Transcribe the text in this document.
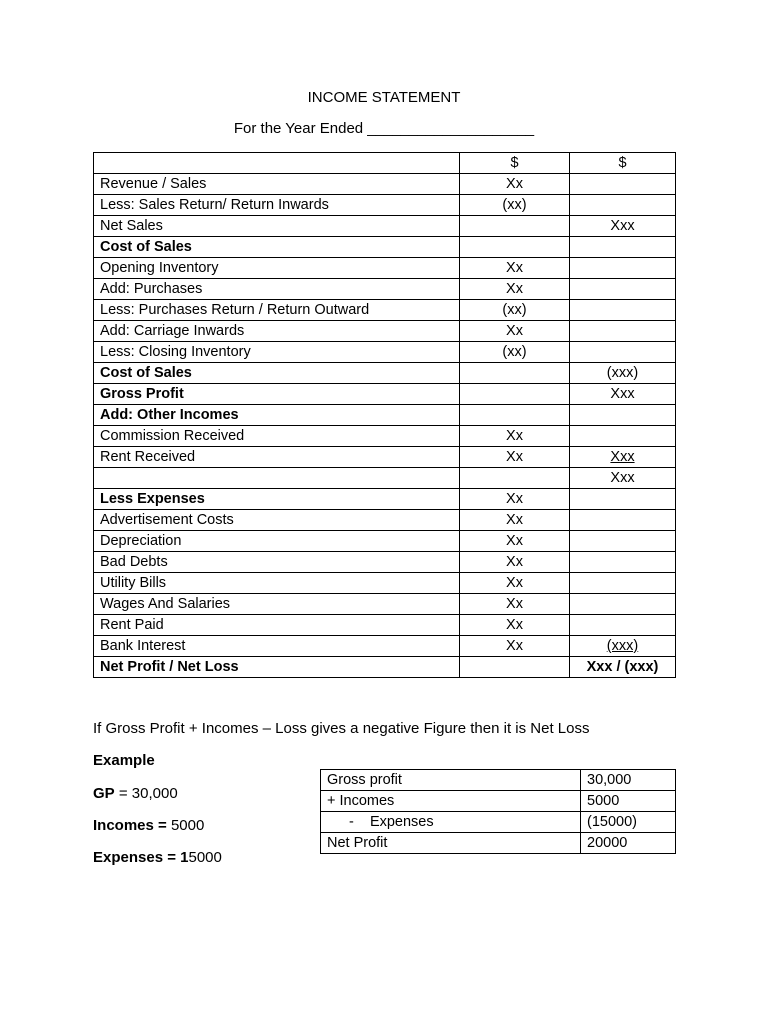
INCOME STATEMENT
For the Year Ended ____________________
	$	$
Revenue / Sales	Xx	
Less: Sales Return/ Return Inwards	(xx)	
Net Sales		Xxx
Cost of Sales		
Opening Inventory	Xx	
Add: Purchases	Xx	
Less: Purchases Return / Return Outward	(xx)	
Add: Carriage Inwards	Xx	
Less: Closing Inventory	(xx)	
Cost of Sales		(xxx)
Gross Profit		Xxx
Add: Other Incomes		
Commission Received	Xx	
Rent Received	Xx	Xxx
		Xxx
Less Expenses	Xx	
Advertisement Costs	Xx	
Depreciation	Xx	
Bad Debts	Xx	
Utility Bills	Xx	
Wages And Salaries	Xx	
Rent Paid	Xx	
Bank Interest	Xx	(xxx)
Net Profit / Net Loss		Xxx / (xxx)
If Gross Profit + Incomes – Loss gives a negative Figure then it is Net Loss
Example
GP = 30,000
Incomes = 5000
Expenses = 15000
Gross profit	30,000
+ Incomes	5000
-    Expenses	(15000)
Net Profit	20000
